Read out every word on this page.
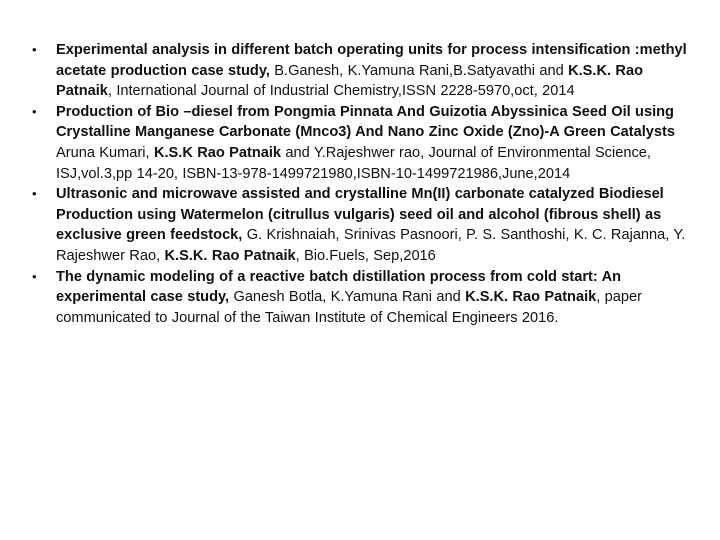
•	Experimental analysis in different batch operating units for process intensification :methyl acetate production case study, B.Ganesh, K.Yamuna Rani,B.Satyavathi and K.S.K. Rao Patnaik, International Journal of Industrial Chemistry,ISSN 2228-5970,oct, 2014
•	Production of Bio –diesel from Pongmia Pinnata And Guizotia Abyssinica Seed Oil using Crystalline Manganese Carbonate (Mnco3) And Nano Zinc Oxide (Zno)-A Green Catalysts Aruna Kumari, K.S.K Rao Patnaik and Y.Rajeshwer rao, Journal of Environmental Science, ISJ,vol.3,pp 14-20, ISBN-13-978-1499721980,ISBN-10-1499721986,June,2014
•	Ultrasonic and microwave assisted and crystalline Mn(II) carbonate catalyzed Biodiesel Production using Watermelon (citrullus vulgaris) seed oil and alcohol (fibrous shell) as exclusive green feedstock, G. Krishnaiah, Srinivas Pasnoori, P. S. Santhoshi, K. C. Rajanna, Y. Rajeshwer Rao, K.S.K. Rao Patnaik, Bio.Fuels, Sep,2016
•	The dynamic modeling of a reactive batch distillation process from cold start: An experimental case study, Ganesh Botla, K.Yamuna Rani and K.S.K. Rao Patnaik, paper communicated to Journal of the Taiwan Institute of Chemical Engineers 2016.
